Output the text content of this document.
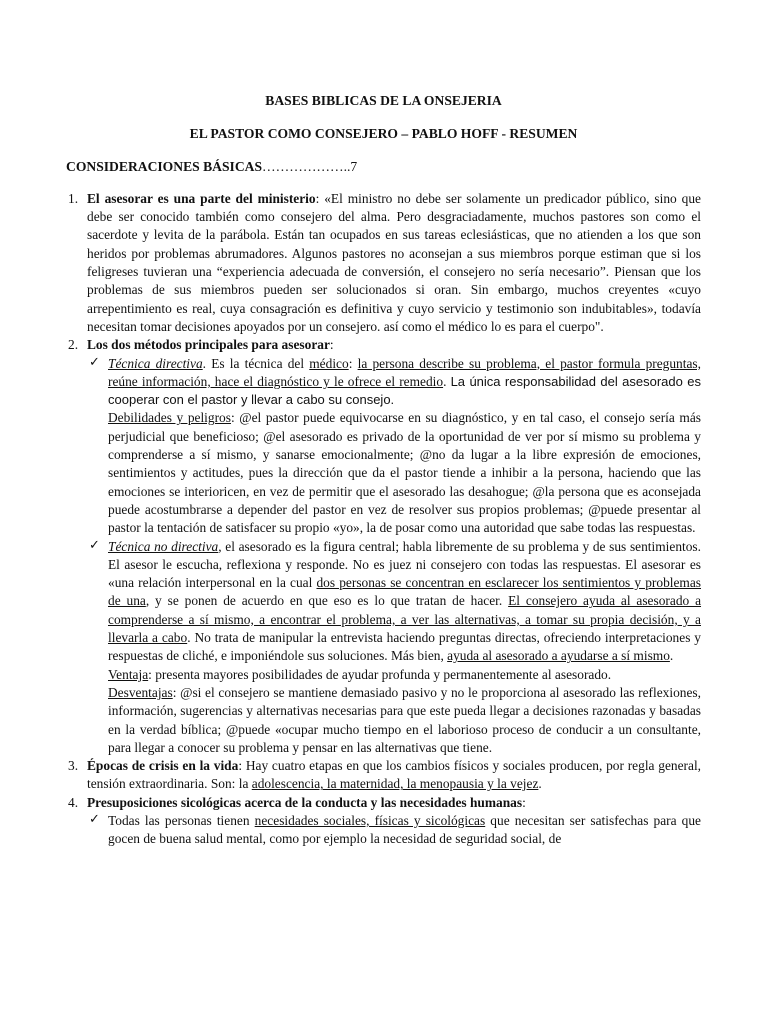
BASES BIBLICAS DE LA ONSEJERIA

EL PASTOR COMO CONSEJERO – PABLO HOFF - RESUMEN

CONSIDERACIONES BÁSICAS………………..7

1. El asesorar es una parte del ministerio: «El ministro no debe ser solamente un predicador público, sino que debe ser conocido también como consejero del alma. Pero desgraciadamente, muchos pastores son como el sacerdote y levita de la parábola. Están tan ocupados en sus tareas eclesiásticas, que no atienden a los que son heridos por problemas abrumadores. Algunos pastores no aconsejan a sus miembros porque estiman que si los feligreses tuvieran una “experiencia adecuada de conversión, el consejero no sería necesario”. Piensan que los problemas de sus miembros pueden ser solucionados si oran. Sin embargo, muchos creyentes «cuyo arrepentimiento es real, cuya consagración es definitiva y cuyo servicio y testimonio son indubitables», todavía necesitan tomar decisiones apoyados por un consejero. así como el médico lo es para el cuerpo".
2. Los dos métodos principales para asesorar:
✓ Técnica directiva. Es la técnica del médico: la persona describe su problema, el pastor formula preguntas, reúne información, hace el diagnóstico y le ofrece el remedio. La única responsabilidad del asesorado es cooperar con el pastor y llevar a cabo su consejo.

Debilidades y peligros: @el pastor puede equivocarse en su diagnóstico, y en tal caso, el consejo sería más perjudicial que beneficioso; @el asesorado es privado de la oportunidad de ver por sí mismo su problema y comprenderse a sí mismo, y sanarse emocionalmente; @no da lugar a la libre expresión de emociones, sentimientos y actitudes, pues la dirección que da el pastor tiende a inhibir a la persona, haciendo que las emociones se interioricen, en vez de permitir que el asesorado las desahogue; @la persona que es aconsejada puede acostumbrarse a depender del pastor en vez de resolver sus propios problemas; @puede presentar al pastor la tentación de satisfacer su propio «yo», la de posar como una autoridad que sabe todas las respuestas.

✓ Técnica no directiva, el asesorado es la figura central; habla libremente de su problema y de sus sentimientos. El asesor le escucha, reflexiona y responde. No es juez ni consejero con todas las respuestas. El asesorar es «una relación interpersonal en la cual dos personas se concentran en esclarecer los sentimientos y problemas de una, y se ponen de acuerdo en que eso es lo que tratan de hacer. El consejero ayuda al asesorado a comprenderse a sí mismo, a encontrar el problema, a ver las alternativas, a tomar su propia decisión, y a llevarla a cabo. No trata de manipular la entrevista haciendo preguntas directas, ofreciendo interpretaciones y respuestas de cliché, e imponiéndole sus soluciones. Más bien, ayuda al asesorado a ayudarse a sí mismo.

Ventaja: presenta mayores posibilidades de ayudar profunda y permanentemente al asesorado.

Desventajas: @si el consejero se mantiene demasiado pasivo y no le proporciona al asesorado las reflexiones, información, sugerencias y alternativas necesarias para que este pueda llegar a decisiones razonadas y basadas en la verdad bíblica; @puede «ocupar mucho tiempo en el laborioso proceso de conducir a un consultante, para llegar a conocer su problema y pensar en las alternativas que tiene.

3. Épocas de crisis en la vida: Hay cuatro etapas en que los cambios físicos y sociales producen, por regla general, tensión extraordinaria. Son: la adolescencia, la maternidad, la menopausia y la vejez.
4. Presuposiciones sicológicas acerca de la conducta y las necesidades humanas:
✓ Todas las personas tienen necesidades sociales, físicas y sicológicas que necesitan ser satisfechas para que gocen de buena salud mental, como por ejemplo la necesidad de seguridad social, de
